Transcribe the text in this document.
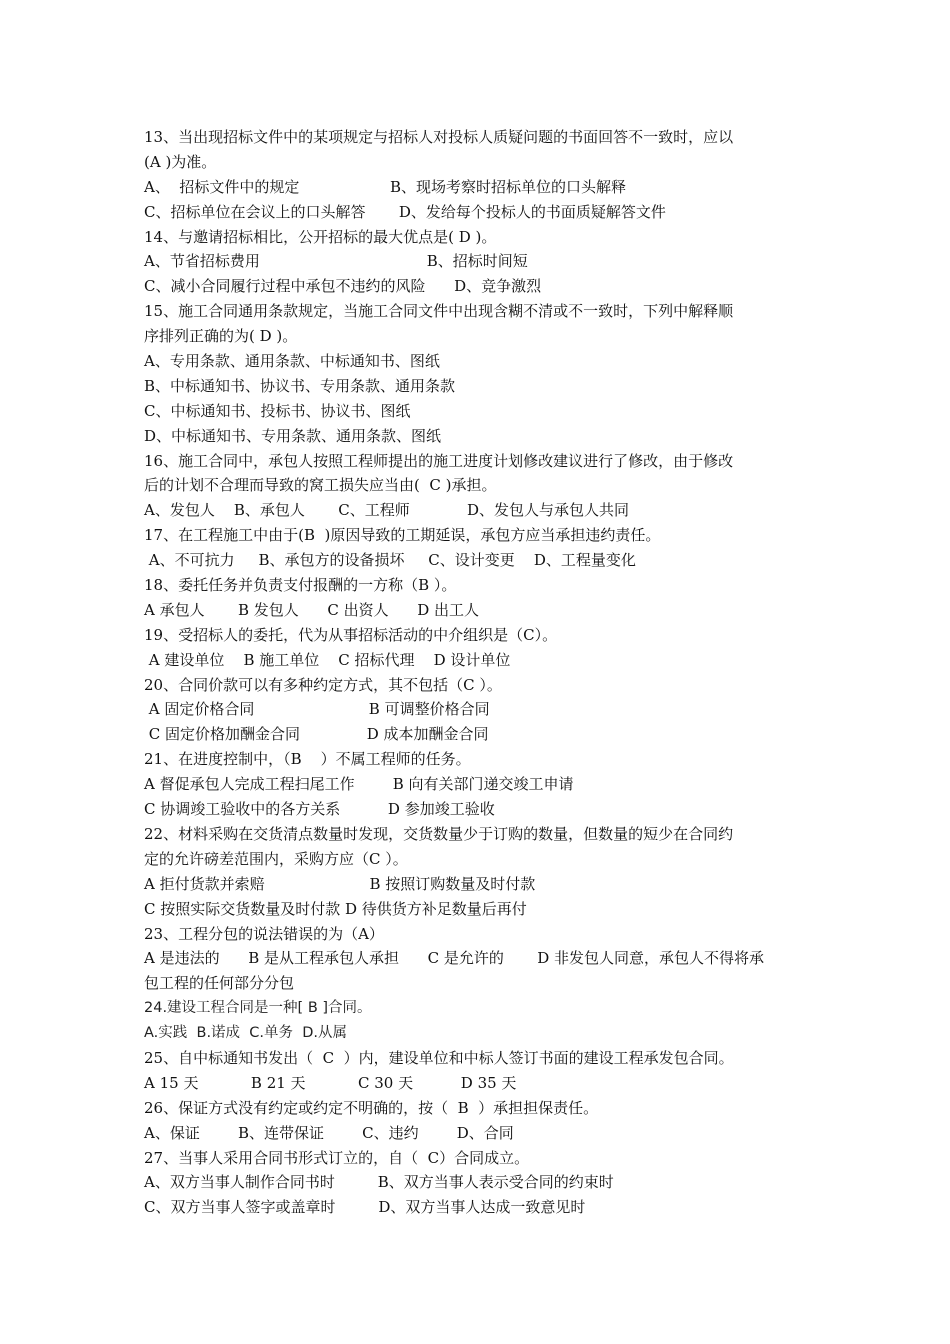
13、当出现招标文件中的某项规定与招标人对投标人质疑问题的书面回答不一致时，应以
(A )为准。
A、  招标文件中的规定                   B、现场考察时招标单位的口头解释
C、招标单位在会议上的口头解答       D、发给每个投标人的书面质疑解答文件
14、与邀请招标相比，公开招标的最大优点是( D )。
A、节省招标费用                                   B、招标时间短
C、减小合同履行过程中承包不违约的风险      D、竞争激烈
15、施工合同通用条款规定，当施工合同文件中出现含糊不清或不一致时，下列中解释顺
序排列正确的为( D )。
A、专用条款、通用条款、中标通知书、图纸
B、中标通知书、协议书、专用条款、通用条款
C、中标通知书、投标书、协议书、图纸
D、中标通知书、专用条款、通用条款、图纸
16、施工合同中，承包人按照工程师提出的施工进度计划修改建议进行了修改，由于修改
后的计划不合理而导致的窝工损失应当由(  C )承担。
A、发包人    B、承包人       C、工程师            D、发包人与承包人共同
17、在工程施工中由于(B  )原因导致的工期延误，承包方应当承担违约责任。
A、不可抗力     B、承包方的设备损坏     C、设计变更    D、工程量变化
18、委托任务并负责支付报酬的一方称（B ）。
A 承包人       B 发包人      C 出资人      D 出工人
19、受招标人的委托，代为从事招标活动的中介组织是（C）。
A 建设单位    B 施工单位    C 招标代理    D 设计单位
20、合同价款可以有多种约定方式，其不包括（C ）。
A 固定价格合同                        B 可调整价格合同
C 固定价格加酬金合同              D 成本加酬金合同
21、在进度控制中，（B    ）不属工程师的任务。
A 督促承包人完成工程扫尾工作        B 向有关部门递交竣工申请
C 协调竣工验收中的各方关系          D 参加竣工验收
22、材料采购在交货清点数量时发现，交货数量少于订购的数量，但数量的短少在合同约
定的允许磅差范围内，采购方应（C ）。
A 拒付货款并索赔                      B 按照订购数量及时付款
C 按照实际交货数量及时付款 D 待供货方补足数量后再付
23、工程分包的说法错误的为（A）
A 是违法的      B 是从工程承包人承担      C 是允许的       D 非发包人同意，承包人不得将承
包工程的任何部分分包
24.建设工程合同是一种[ B ]合同。
A.实践  B.诺成  C.单务  D.从属
25、自中标通知书发出（  C  ）内，建设单位和中标人签订书面的建设工程承发包合同。
A 15 天           B 21 天           C 30 天          D 35 天
26、保证方式没有约定或约定不明确的，按（  B  ）承担担保责任。
A、保证        B、连带保证        C、违约        D、合同
27、当事人采用合同书形式订立的，自（  C）合同成立。
A、双方当事人制作合同书时         B、双方当事人表示受合同的约束时
C、双方当事人签字或盖章时         D、双方当事人达成一致意见时
